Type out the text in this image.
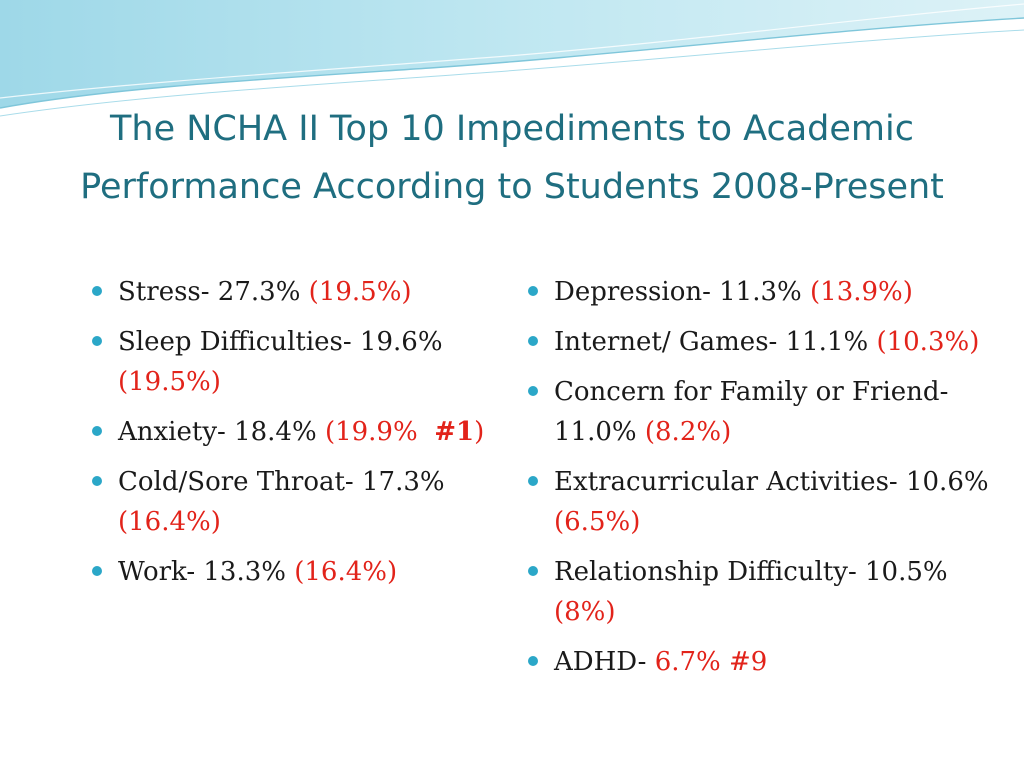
The NCHA II Top 10 Impediments to Academic
Performance According to Students 2008-Present
Stress- 27.3% (19.5%)
Sleep Difficulties- 19.6% (19.5%)
Anxiety- 18.4% (19.9% #1)
Cold/Sore Throat- 17.3% (16.4%)
Work- 13.3% (16.4%)
Depression- 11.3% (13.9%)
Internet/ Games- 11.1% (10.3%)
Concern for Family or Friend- 11.0% (8.2%)
Extracurricular Activities- 10.6% (6.5%)
Relationship Difficulty- 10.5% (8%)
ADHD- 6.7% #9
